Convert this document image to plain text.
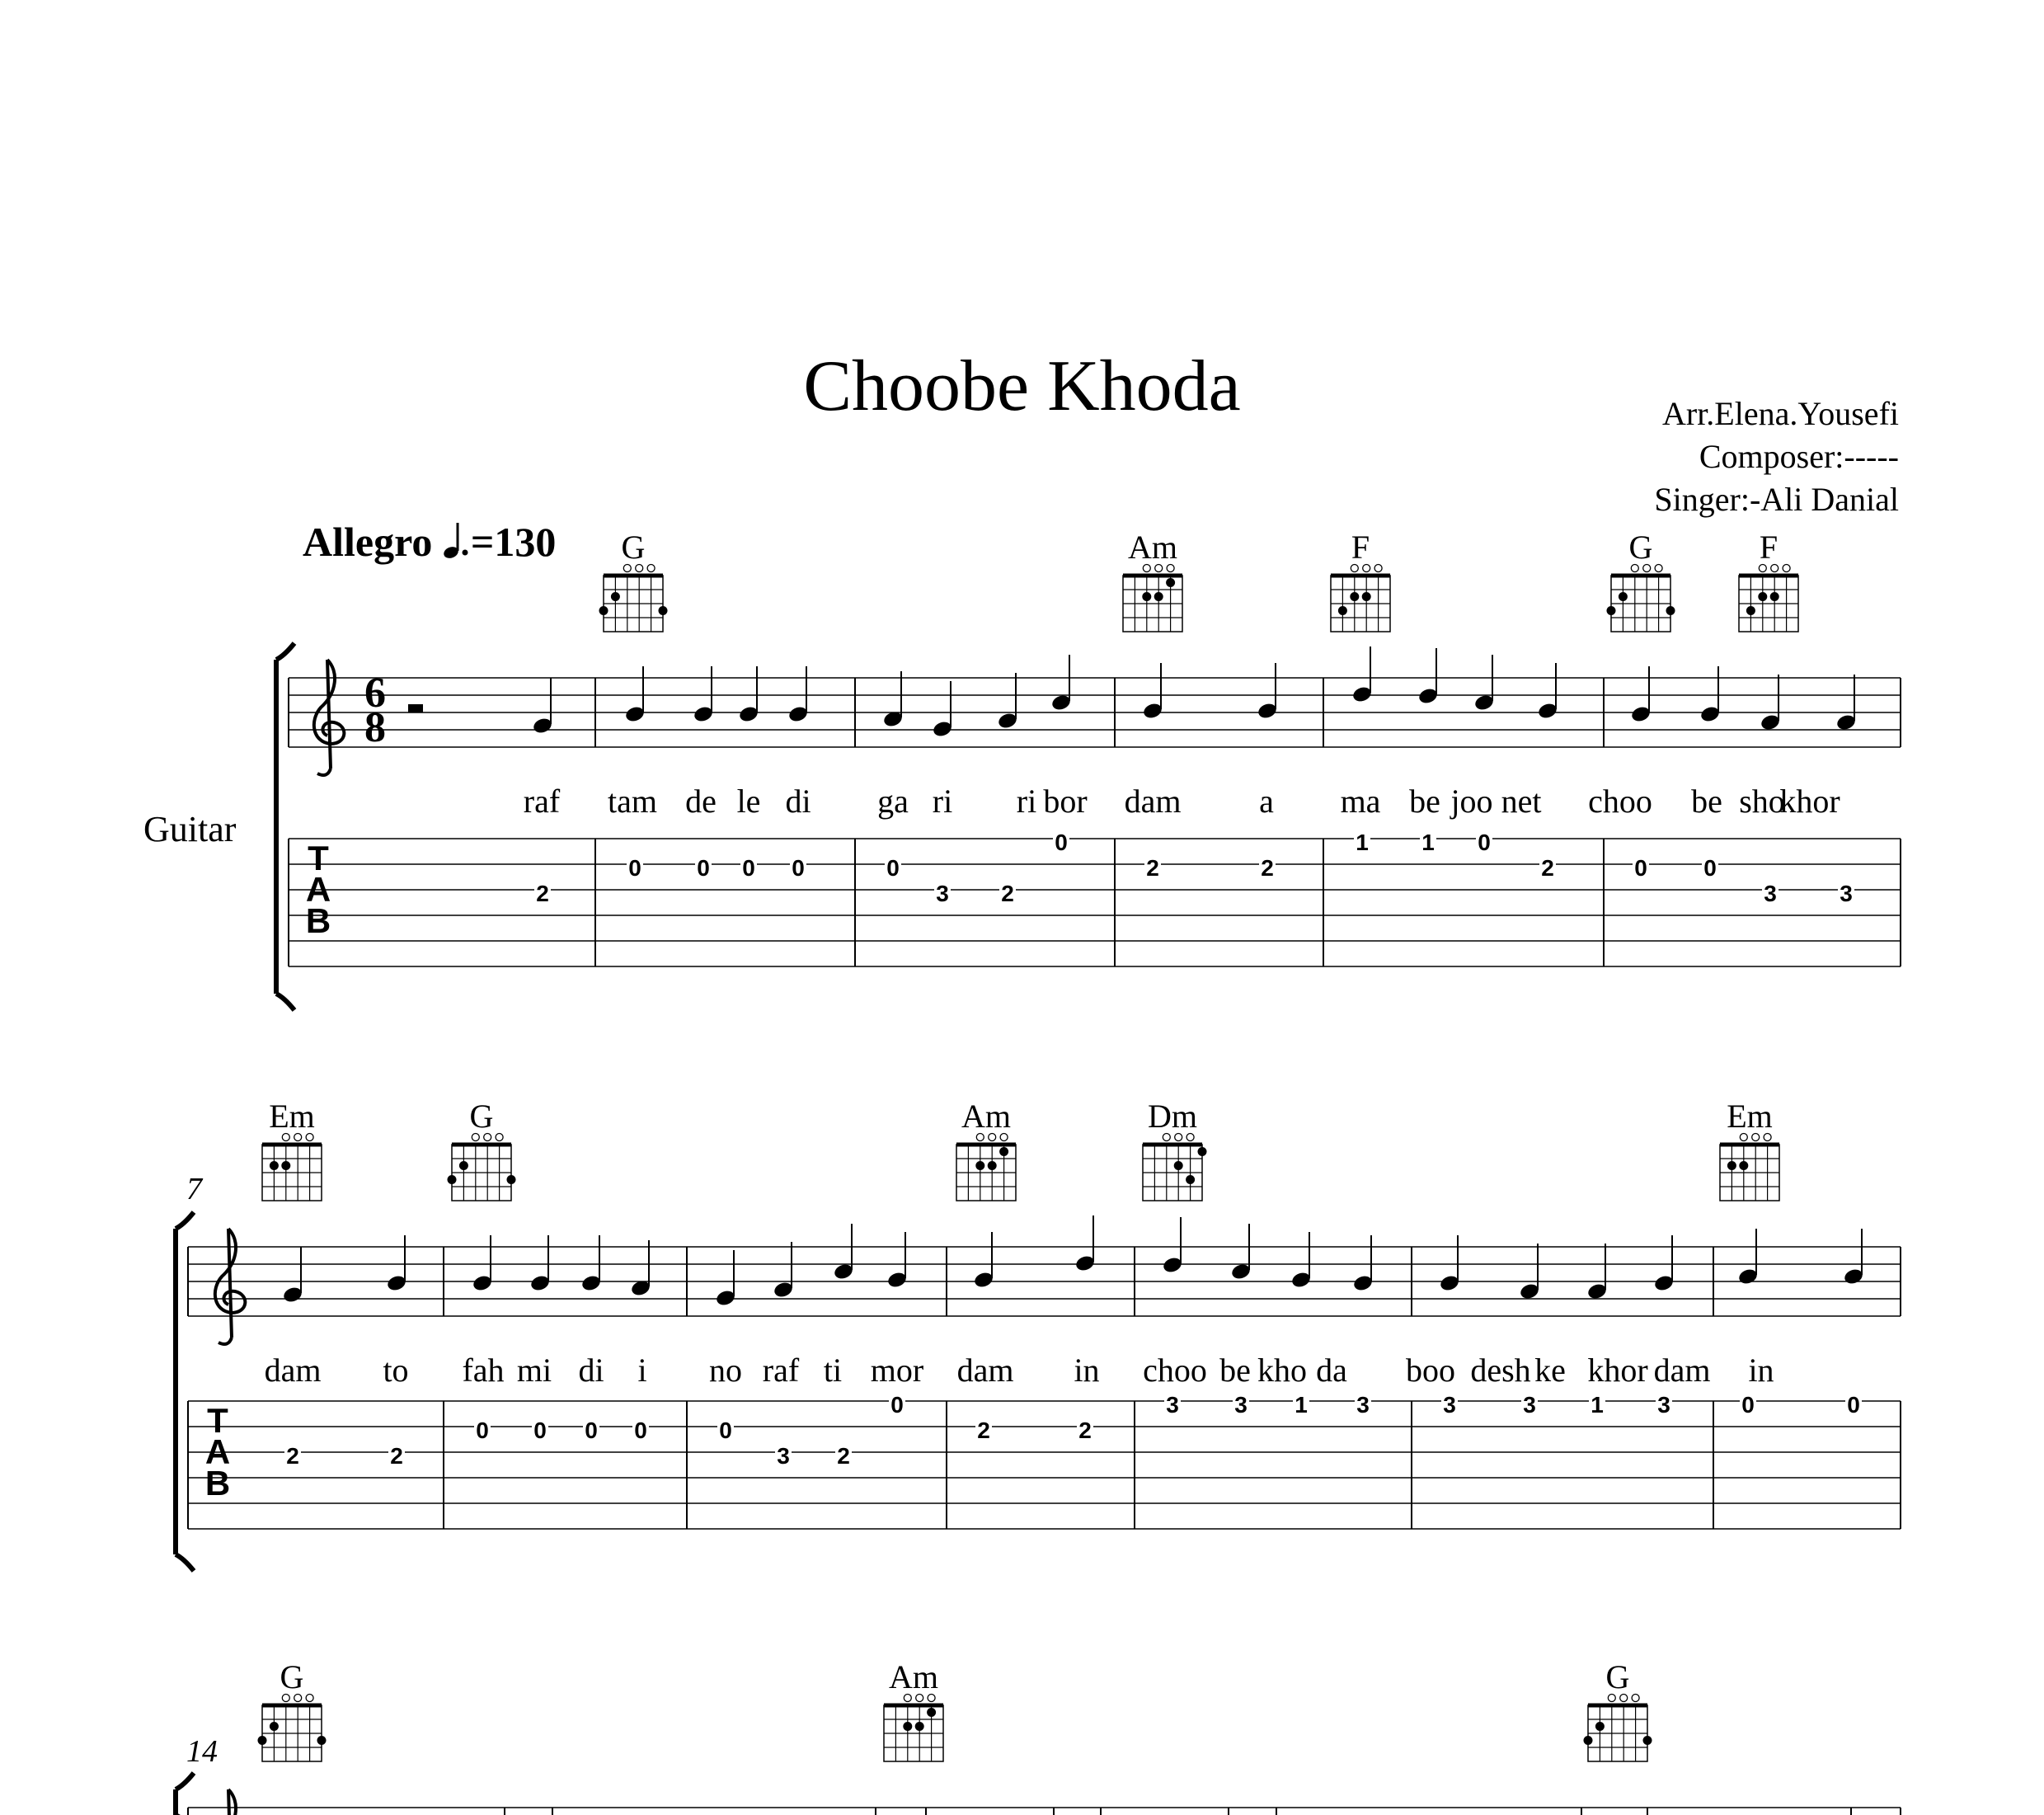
Choobe Khoda	Arr.Elena.Yousefi
Composer:-----
Singer:-Ali Danial
Allegro =130
Guitar
7
14
G	Am	F	G	F
Em	G	Am	Dm	Em
G	Am	G
6
8
raf tam de le di ga ri ri bor dam a ma be joo net choo be sho
khor
T
A
B
2
0 0 0 0	0
3 2
0
2	2
1 1 0
2	0 0
3	3
dam to fah mi di i no raf ti mor dam in choo be kho da boo desh ke khor dam in
T
A
B
2	2
0 0 0 0	0
3 2
0
2	2
3 3 1 3	3	3 1 3	0	0
